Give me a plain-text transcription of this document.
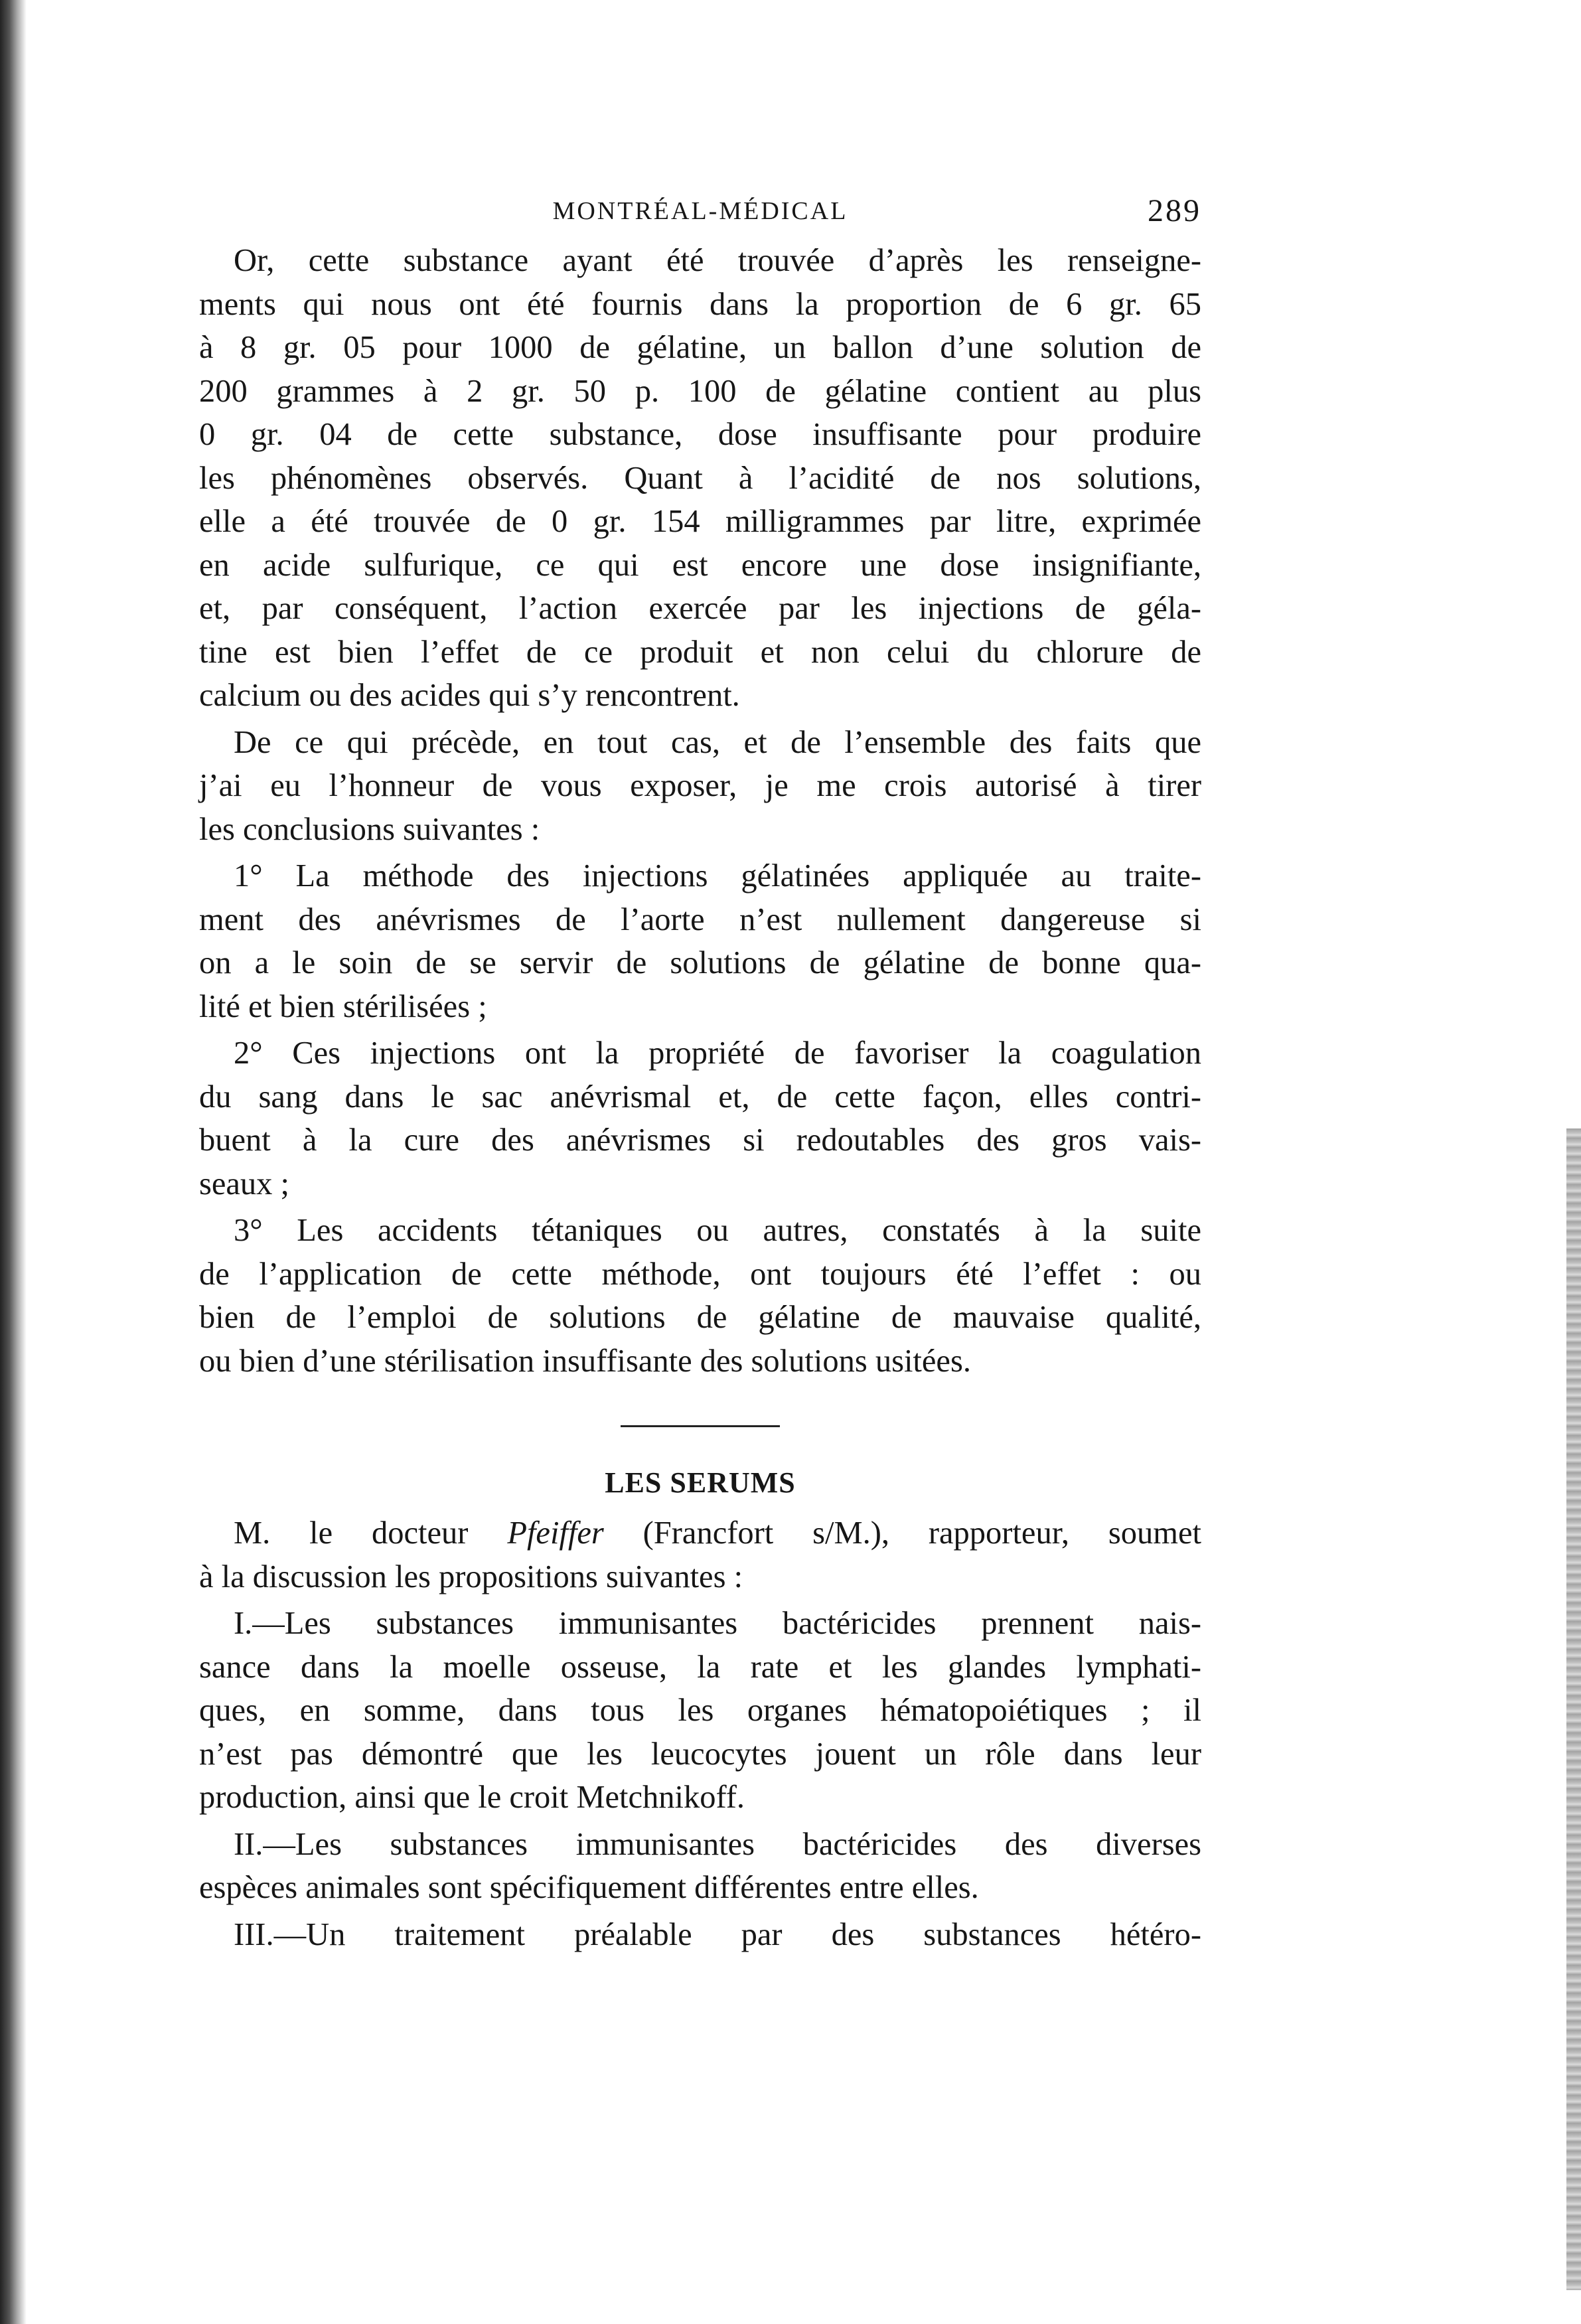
MONTRÉAL-MÉDICAL	289

Or, cette substance ayant été trouvée d’après les renseigne-

ments qui nous ont été fournis dans la proportion de 6 gr. 65

à 8 gr. 05 pour 1000 de gélatine, un ballon d’une solution de

200 grammes à 2 gr. 50 p. 100 de gélatine contient au plus

0 gr. 04 de cette substance, dose insuffisante pour produire

les phénomènes observés. Quant à l’acidité de nos solutions,

elle a été trouvée de 0 gr. 154 milligrammes par litre, exprimée

en acide sulfurique, ce qui est encore une dose insignifiante,

et, par conséquent, l’action exercée par les injections de géla-

tine est bien l’effet de ce produit et non celui du chlorure de

calcium ou des acides qui s’y rencontrent.

De ce qui précède, en tout cas, et de l’ensemble des faits que

j’ai eu l’honneur de vous exposer, je me crois autorisé à tirer

les conclusions suivantes :

1° La méthode des injections gélatinées appliquée au traite-

ment des anévrismes de l’aorte n’est nullement dangereuse si

on a le soin de se servir de solutions de gélatine de bonne qua-

lité et bien stérilisées ;

2° Ces injections ont la propriété de favoriser la coagulation

du sang dans le sac anévrismal et, de cette façon, elles contri-

buent à la cure des anévrismes si redoutables des gros vais-

seaux ;

3° Les accidents tétaniques ou autres, constatés à la suite

de l’application de cette méthode, ont toujours été l’effet : ou

bien de l’emploi de solutions de gélatine de mauvaise qualité,

ou bien d’une stérilisation insuffisante des solutions usitées.

LES SERUMS

M. le docteur Pfeiffer (Francfort s/M.), rapporteur, soumet

à la discussion les propositions suivantes :

I.—Les substances immunisantes bactéricides prennent nais-

sance dans la moelle osseuse, la rate et les glandes lymphati-

ques, en somme, dans tous les organes hématopoiétiques ; il

n’est pas démontré que les leucocytes jouent un rôle dans leur

production, ainsi que le croit Metchnikoff.

II.—Les substances immunisantes bactéricides des diverses

espèces animales sont spécifiquement différentes entre elles.

III.—Un traitement préalable par des substances hétéro-
